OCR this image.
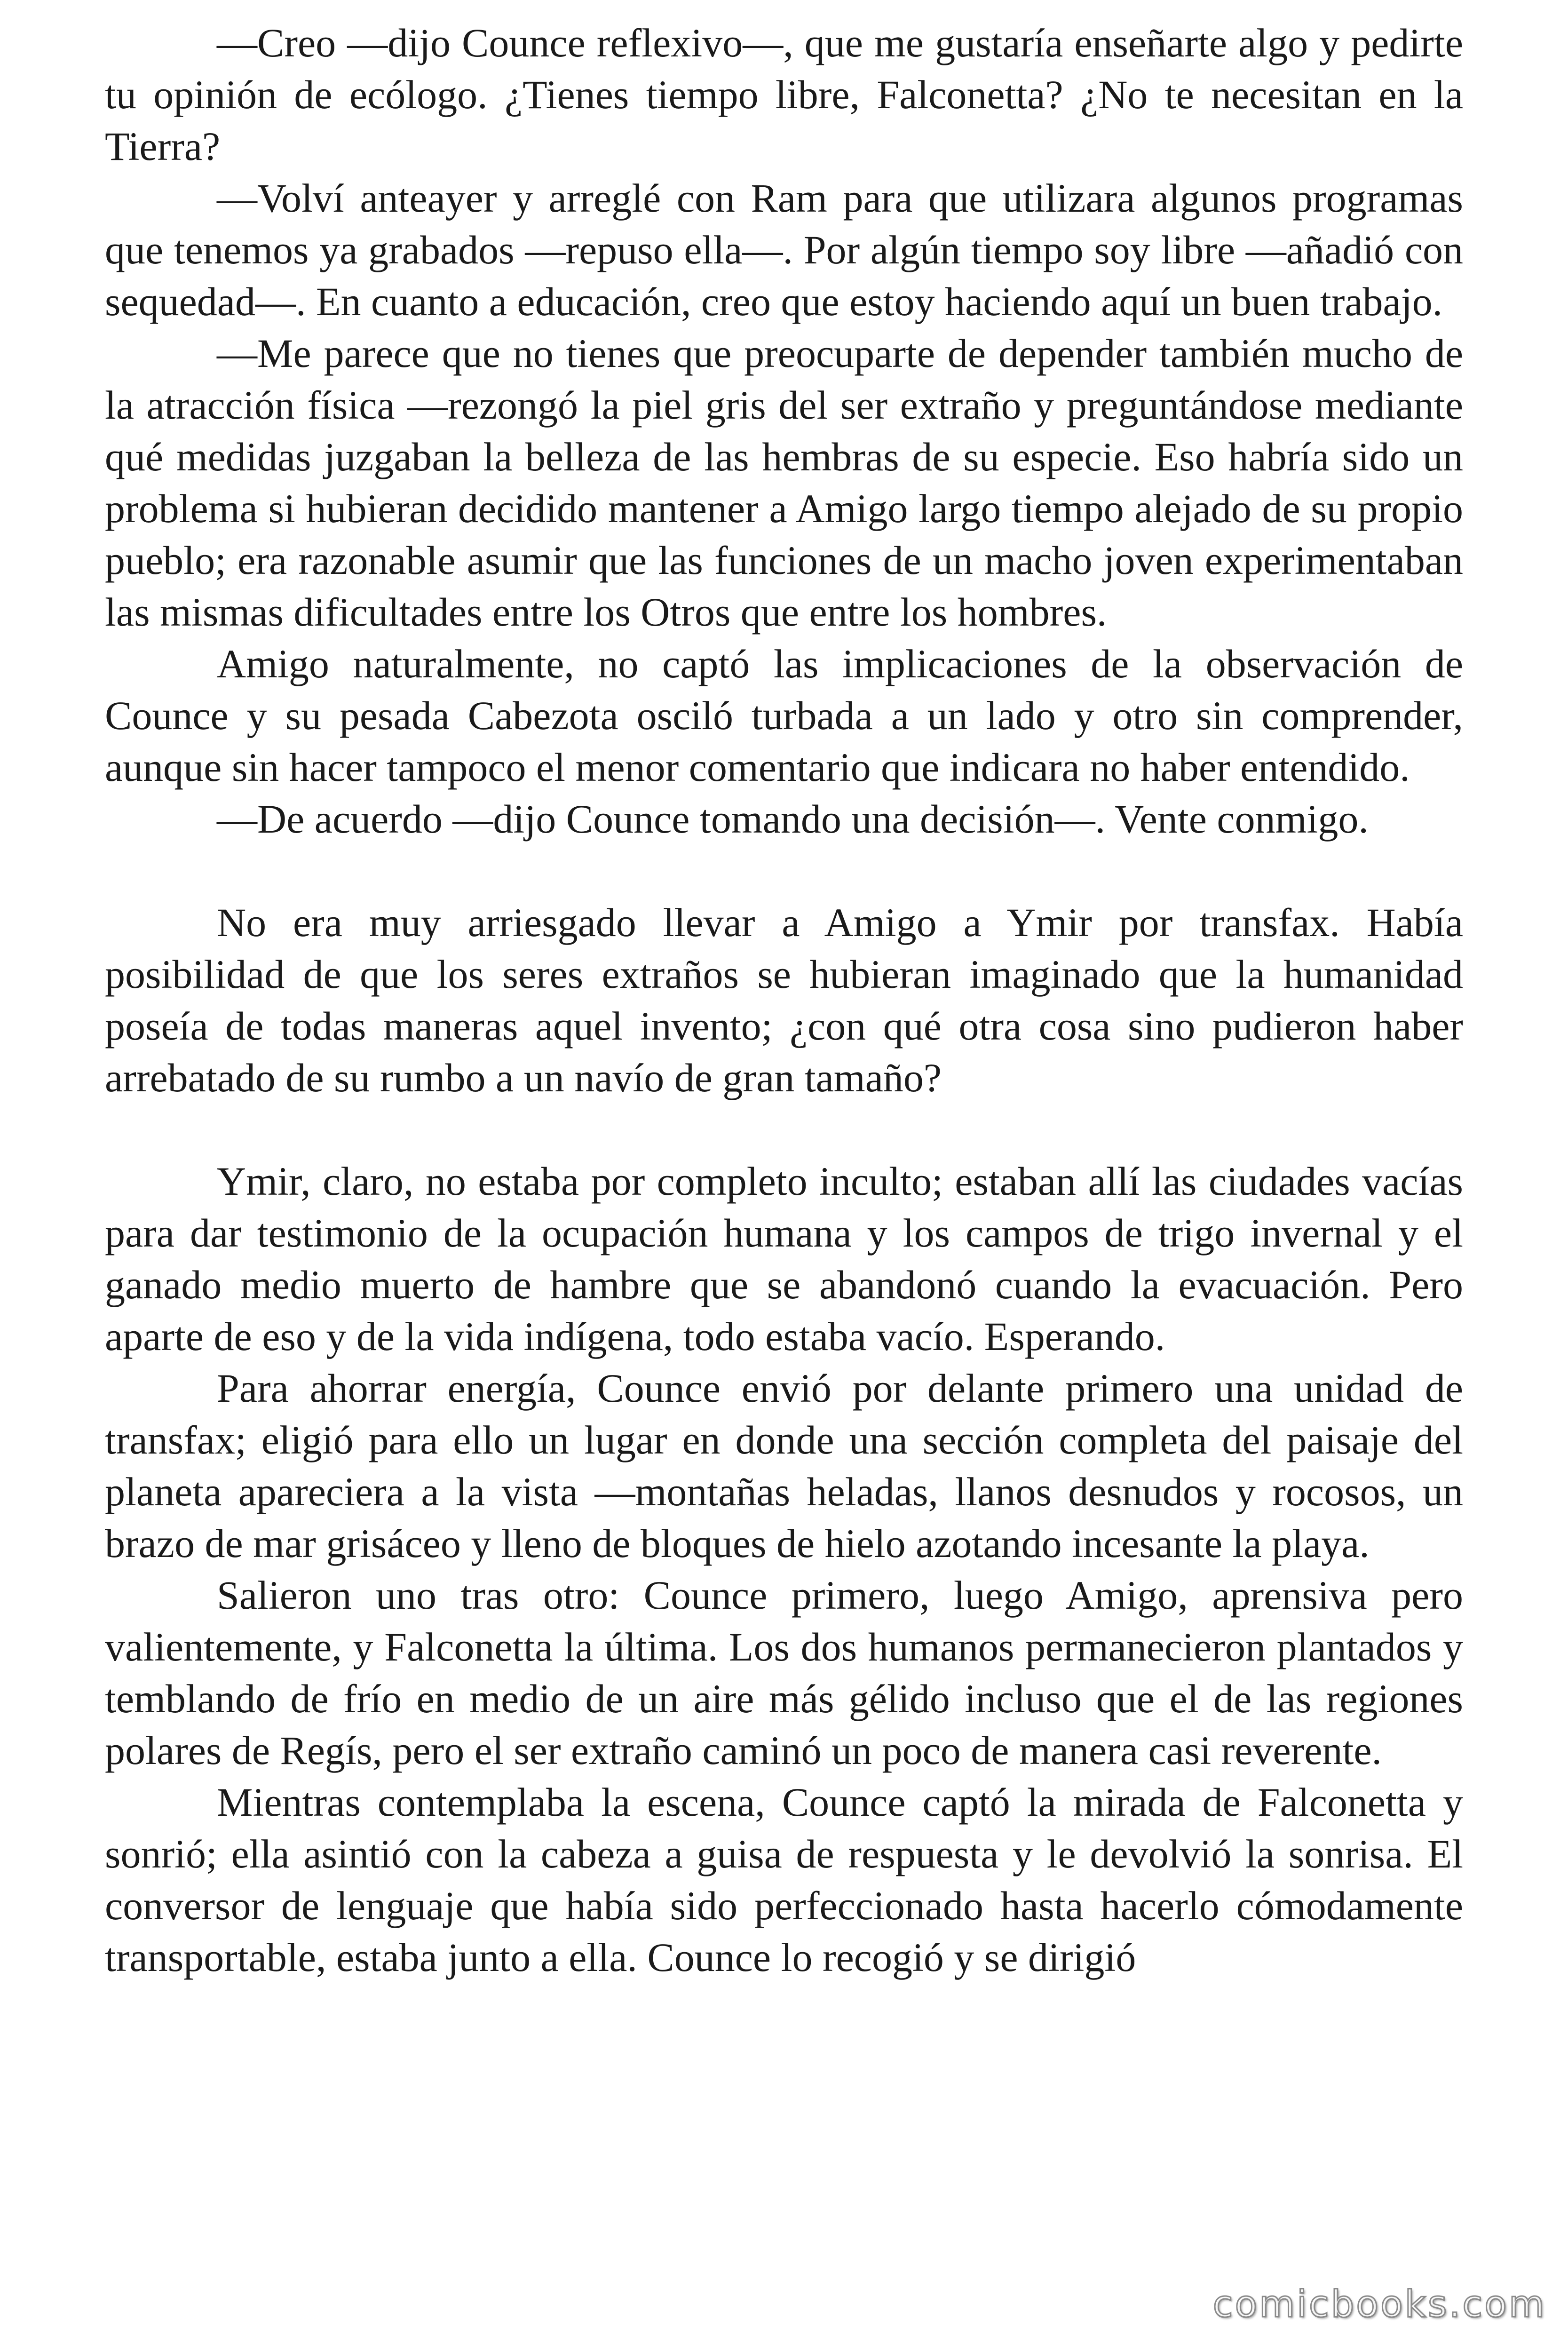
—Creo —dijo Counce reflexivo—, que me gustaría enseñarte algo y pedirte tu opinión de ecólogo. ¿Tienes tiempo libre, Falconetta? ¿No te necesitan en la Tierra?

—Volví anteayer y arreglé con Ram para que utilizara algunos programas que tenemos ya grabados —repuso ella—. Por algún tiempo soy libre —añadió con sequedad—. En cuanto a educación, creo que estoy haciendo aquí un buen trabajo.

—Me parece que no tienes que preocuparte de depender también mucho de la atracción física —rezongó la piel gris del ser extraño y preguntándose mediante qué medidas juzgaban la belleza de las hembras de su especie. Eso habría sido un problema si hubieran decidido mantener a Amigo largo tiempo alejado de su propio pueblo; era razonable asumir que las funciones de un macho joven experimentaban las mismas dificultades entre los Otros que entre los hombres.

Amigo naturalmente, no captó las implicaciones de la observación de Counce y su pesada Cabezota osciló turbada a un lado y otro sin comprender, aunque sin hacer tampoco el menor comentario que indicara no haber entendido.

—De acuerdo —dijo Counce tomando una decisión—. Vente conmigo.

No era muy arriesgado llevar a Amigo a Ymir por transfax. Había posibilidad de que los seres extraños se hubieran imaginado que la humanidad poseía de todas maneras aquel invento; ¿con qué otra cosa sino pudieron haber arrebatado de su rumbo a un navío de gran tamaño?

Ymir, claro, no estaba por completo inculto; estaban allí las ciudades vacías para dar testimonio de la ocupación humana y los campos de trigo invernal y el ganado medio muerto de hambre que se abandonó cuando la evacuación. Pero aparte de eso y de la vida indígena, todo estaba vacío. Esperando.

Para ahorrar energía, Counce envió por delante primero una unidad de transfax; eligió para ello un lugar en donde una sección completa del paisaje del planeta apareciera a la vista —montañas heladas, llanos desnudos y rocosos, un brazo de mar grisáceo y lleno de bloques de hielo azotando incesante la playa.

Salieron uno tras otro: Counce primero, luego Amigo, aprensiva pero valientemente, y Falconetta la última. Los dos humanos permanecieron plantados y temblando de frío en medio de un aire más gélido incluso que el de las regiones polares de Regís, pero el ser extraño caminó un poco de manera casi reverente.

Mientras contemplaba la escena, Counce captó la mirada de Falconetta y sonrió; ella asintió con la cabeza a guisa de respuesta y le devolvió la sonrisa. El conversor de lenguaje que había sido perfeccionado hasta hacerlo cómodamente transportable, estaba junto a ella. Counce lo recogió y se dirigió

comicbooks.com
